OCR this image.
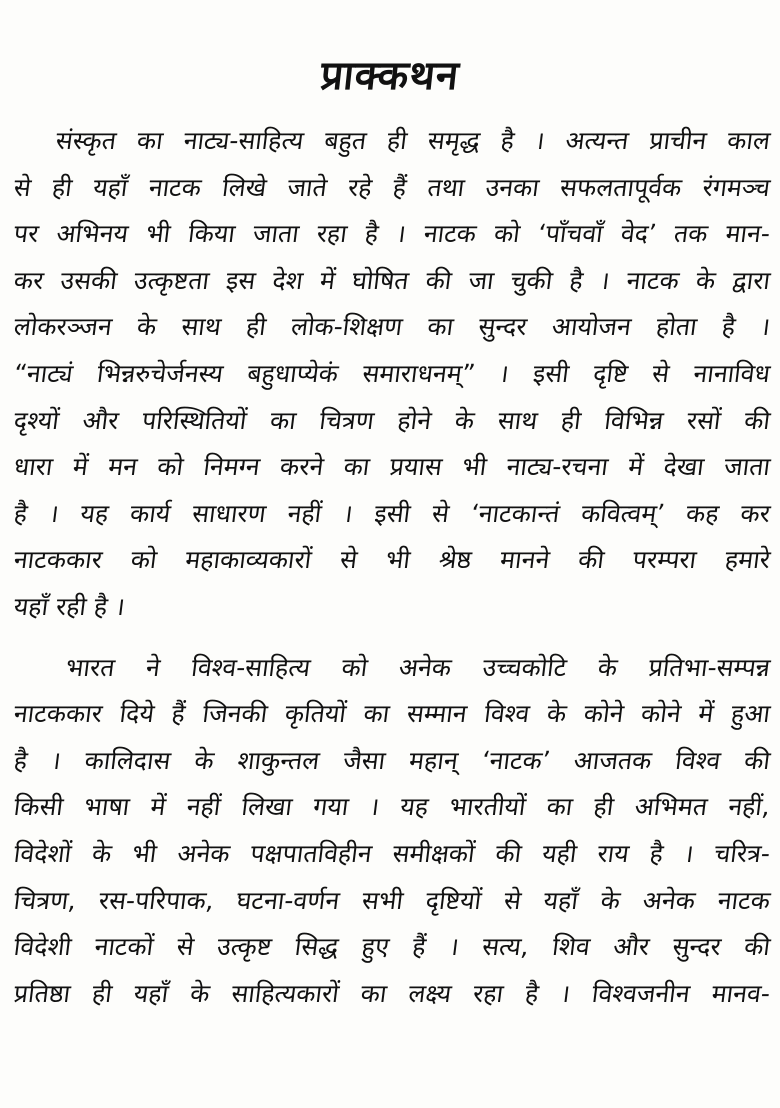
प्राक्कथन
संस्कृत का नाट्य-साहित्य बहुत ही समृद्ध है । अत्यन्त प्राचीन काल
से ही यहाँ नाटक लिखे जाते रहे हैं तथा उनका सफलतापूर्वक रंगमञ्च
पर अभिनय भी किया जाता रहा है । नाटक को ‘पाँचवाँ वेद’ तक मान-
कर उसकी उत्कृष्टता इस देश में घोषित की जा चुकी है । नाटक के द्वारा
लोकरञ्जन के साथ ही लोक-शिक्षण का सुन्दर आयोजन होता है ।
“नाट्यं भिन्नरुचेर्जनस्य बहुधाप्येकं समाराधनम्” । इसी दृष्टि से नानाविध
दृश्यों और परिस्थितियों का चित्रण होने के साथ ही विभिन्न रसों की
धारा में मन को निमग्न करने का प्रयास भी नाट्य-रचना में देखा जाता
है । यह कार्य साधारण नहीं । इसी से ‘नाटकान्तं कवित्वम्’ कह कर
नाटककार को महाकाव्यकारों से भी श्रेष्ठ मानने की परम्परा हमारे
यहाँ रही है ।
भारत ने विश्व-साहित्य को अनेक उच्चकोटि के प्रतिभा-सम्पन्न
नाटककार दिये हैं जिनकी कृतियों का सम्मान विश्व के कोने कोने में हुआ
है । कालिदास के शाकुन्तल जैसा महान् ‘नाटक’ आजतक विश्व की
किसी भाषा में नहीं लिखा गया । यह भारतीयों का ही अभिमत नहीं,
विदेशों के भी अनेक पक्षपातविहीन समीक्षकों की यही राय है । चरित्र-
चित्रण, रस-परिपाक, घटना-वर्णन सभी दृष्टियों से यहाँ के अनेक नाटक
विदेशी नाटकों से उत्कृष्ट सिद्ध हुए हैं । सत्य, शिव और सुन्दर की
प्रतिष्ठा ही यहाँ के साहित्यकारों का लक्ष्य रहा है । विश्वजनीन मानव-
